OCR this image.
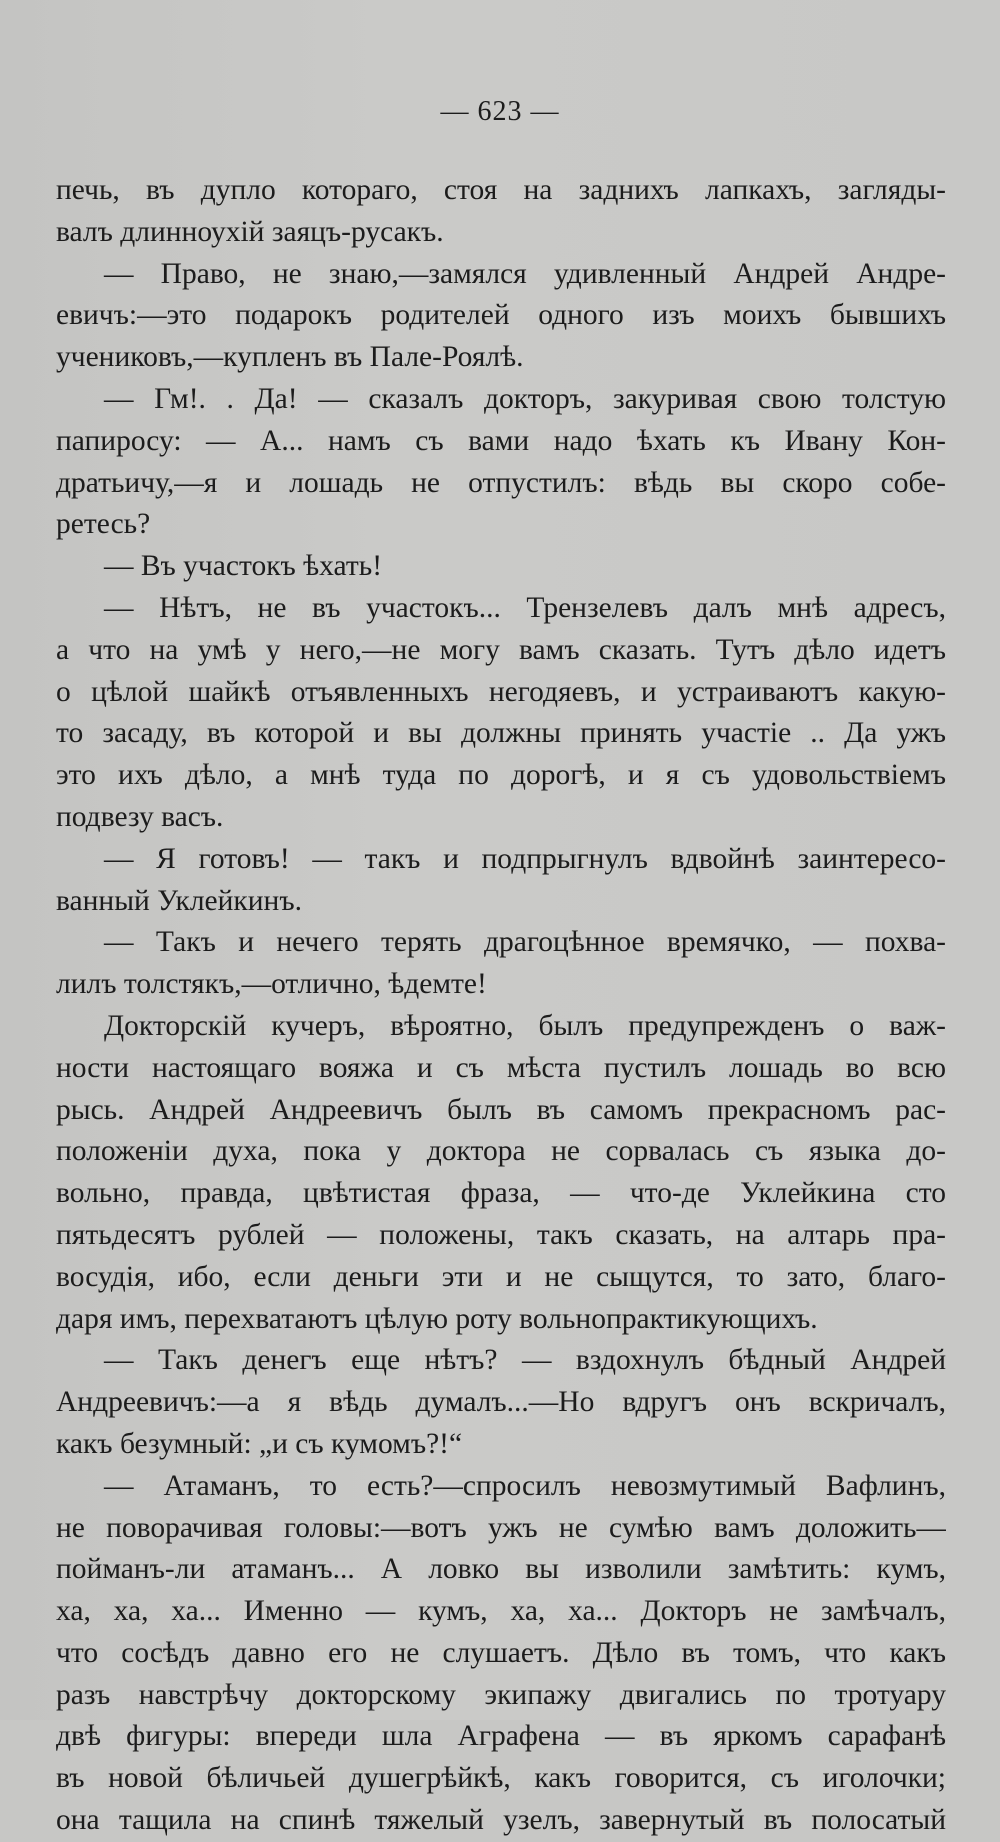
— 623 —
печь, въ дупло котораго, стоя на заднихъ лапкахъ, загляды-
валъ длинноухій заяцъ-русакъ.
— Право, не знаю,—замялся удивленный Андрей Андре-
евичъ:—это подарокъ родителей одного изъ моихъ бывшихъ
учениковъ,—купленъ въ Пале-Роялѣ.
— Гм!. . Да! — сказалъ докторъ, закуривая свою толстую
папиросу: — А... намъ съ вами надо ѣхать къ Ивану Кон-
дратьичу,—я и лошадь не отпустилъ: вѣдь вы скоро собе-
ретесь?
— Въ участокъ ѣхать!
— Нѣтъ, не въ участокъ... Трензелевъ далъ мнѣ адресъ,
а что на умѣ у него,—не могу вамъ сказать. Тутъ дѣло идетъ
о цѣлой шайкѣ отъявленныхъ негодяевъ, и устраиваютъ какую-
то засаду, въ которой и вы должны принять участіе .. Да ужъ
это ихъ дѣло, а мнѣ туда по дорогѣ, и я съ удовольствіемъ
подвезу васъ.
— Я готовъ! — такъ и подпрыгнулъ вдвойнѣ заинтересо-
ванный Уклейкинъ.
— Такъ и нечего терять драгоцѣнное времячко, — похва-
лилъ толстякъ,—отлично, ѣдемте!
Докторскій кучеръ, вѣроятно, былъ предупрежденъ о важ-
ности настоящаго вояжа и съ мѣста пустилъ лошадь во всю
рысь. Андрей Андреевичъ былъ въ самомъ прекрасномъ рас-
положеніи духа, пока у доктора не сорвалась съ языка до-
вольно, правда, цвѣтистая фраза, — что-де Уклейкина сто
пятьдесятъ рублей — положены, такъ сказать, на алтарь пра-
восудія, ибо, если деньги эти и не сыщутся, то зато, благо-
даря имъ, перехватаютъ цѣлую роту вольнопрактикующихъ.
— Такъ денегъ еще нѣтъ? — вздохнулъ бѣдный Андрей
Андреевичъ:—а я вѣдь думалъ...—Но вдругъ онъ вскричалъ,
какъ безумный: „и съ кумомъ?!“
— Атаманъ, то есть?—спросилъ невозмутимый Вафлинъ,
не поворачивая головы:—вотъ ужъ не сумѣю вамъ доложить—
пойманъ-ли атаманъ... А ловко вы изволили замѣтить: кумъ,
ха, ха, ха... Именно — кумъ, ха, ха... Докторъ не замѣчалъ,
что сосѣдъ давно его не слушаетъ. Дѣло въ томъ, что какъ
разъ навстрѣчу докторскому экипажу двигались по тротуару
двѣ фигуры: впереди шла Аграфена — въ яркомъ сарафанѣ
въ новой бѣличьей душегрѣйкѣ, какъ говорится, съ иголочки;
она тащила на спинѣ тяжелый узелъ, завернутый въ полосатый
